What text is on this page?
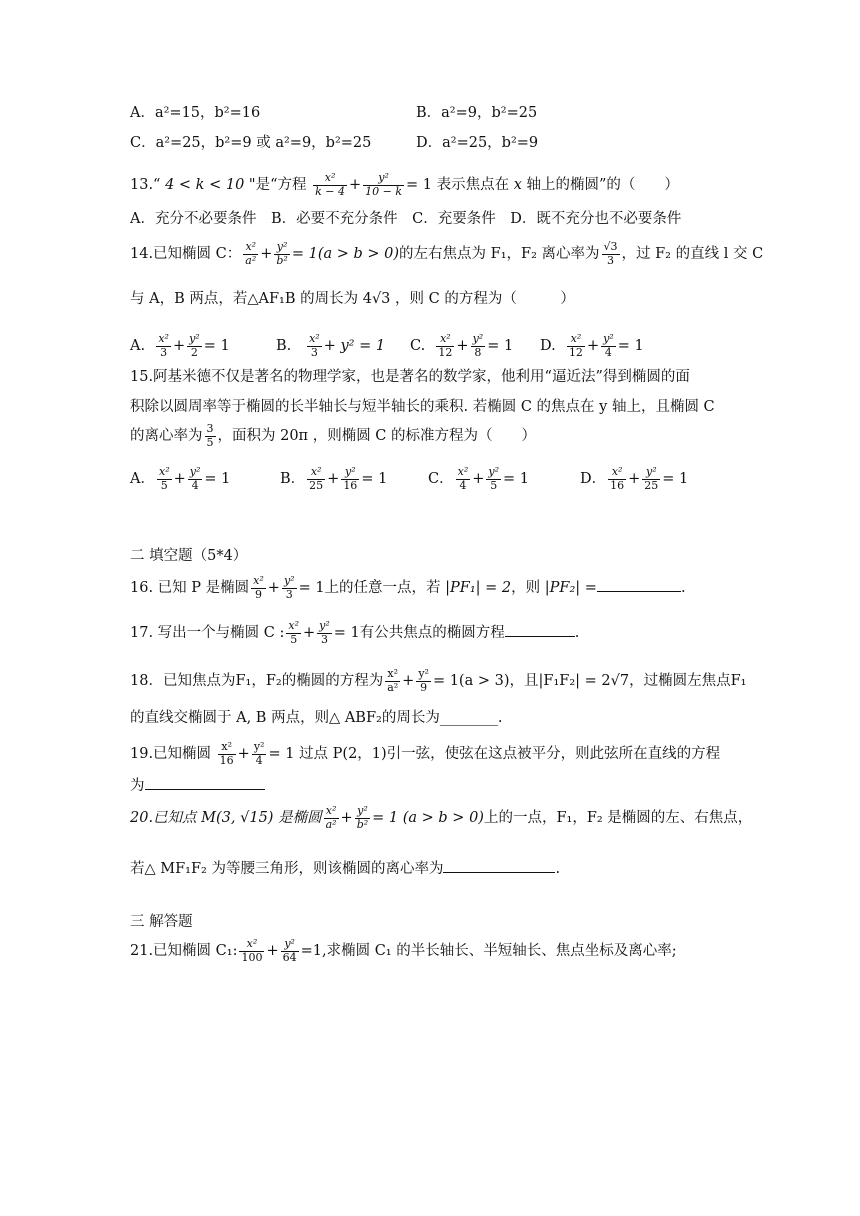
A．a²=15，b²=16	B．a²=9，b²=25
C．a²=25，b²=9 或 a²=9，b²=25	D．a²=25，b²=9
13.“ 4 < k < 10 "是“方程 $\frac{\text{x²}}{k - 4} + \frac{\text{y²}}{10 - k} = 1$ 表示焦点在 x 轴上的椭圆”的（　　）
A．充分不必要条件　B．必要不充分条件　C．充要条件　D．既不充分也不必要条件
14.已知椭圆 C： $\frac{\text{x²}}{\text{a²}} + \frac{\text{y²}}{\text{b²}} = 1(a > b > 0)$的左右焦点为 F₁，F₂ 离心率为 $\frac{√3}{3}$ ，过 F₂ 的直线 l 交 C
与 A，B 两点，若△AF₁B 的周长为 4√3 ，则 C 的方程为（　　　）
A. $\frac{\text{x²}}{3} + \frac{\text{y²}}{2} = 1$	B. $\frac{\text{x²}}{3} + y^2 = 1$ C. $\frac{\text{x²}}{12} + \frac{\text{y²}}{8} = 1$ D. $\frac{\text{x²}}{12} + \frac{\text{y²}}{4} = 1$
15.阿基米德不仅是著名的物理学家，也是著名的数学家，他利用“逼近法”得到椭圆的面
积除以圆周率等于椭圆的长半轴长与短半轴长的乘积. 若椭圆 C 的焦点在 y 轴上，且椭圆 C
的离心率为 $\frac{3}{5}$ ，面积为 20π ，则椭圆 C 的标准方程为（　　）
A． $\frac{\text{x²}}{5} + \frac{\text{y²}}{4} = 1$	B． $\frac{\text{x²}}{25} + \frac{\text{y²}}{16} = 1$	C． $\frac{\text{x²}}{4} + \frac{\text{y²}}{5} = 1$	D． $\frac{\text{x²}}{16} + \frac{\text{y²}}{25} = 1$
二 填空题（5*4）
16. 已知 P 是椭圆 $\frac{\text{x²}}{9} + \frac{\text{y²}}{3} = 1$上的任意一点，若 |PF₁| = 2，则 |PF₂| =	.
17. 写出一个与椭圆 C : $\frac{\text{x²}}{5} + \frac{\text{y²}}{3} = 1$有公共焦点的椭圆方程	.
18．已知焦点为F₁，F₂的椭圆的方程为 $\frac{\text{x²}}{\text{a²}} + \frac{\text{y²}}{9} = 1(a > 3)$，且|F₁F₂| = 2√7，过椭圆左焦点F₁
的直线交椭圆于 A, B 两点，则△ ABF₂的周长为________.
19.已知椭圆 $\frac{\text{x²}}{16} + \frac{\text{y²}}{4} = 1$ 过点 P(2，1)引一弦，使弦在这点被平分，则此弦所在直线的方程
为
20.已知点 M(3, √15) 是椭圆 $\frac{\text{x²}}{\text{a²}} + \frac{\text{y²}}{\text{b²}} = 1$ (a > b > 0)上的一点，F₁，F₂ 是椭圆的左、右焦点，
若△ MF₁F₂ 为等腰三角形，则该椭圆的离心率为	.
三 解答题
21.已知椭圆 C₁: $\frac{\text{x²}}{100} + \frac{\text{y²}}{64} =1$,求椭圆 C₁ 的半长轴长、半短轴长、焦点坐标及离心率;
